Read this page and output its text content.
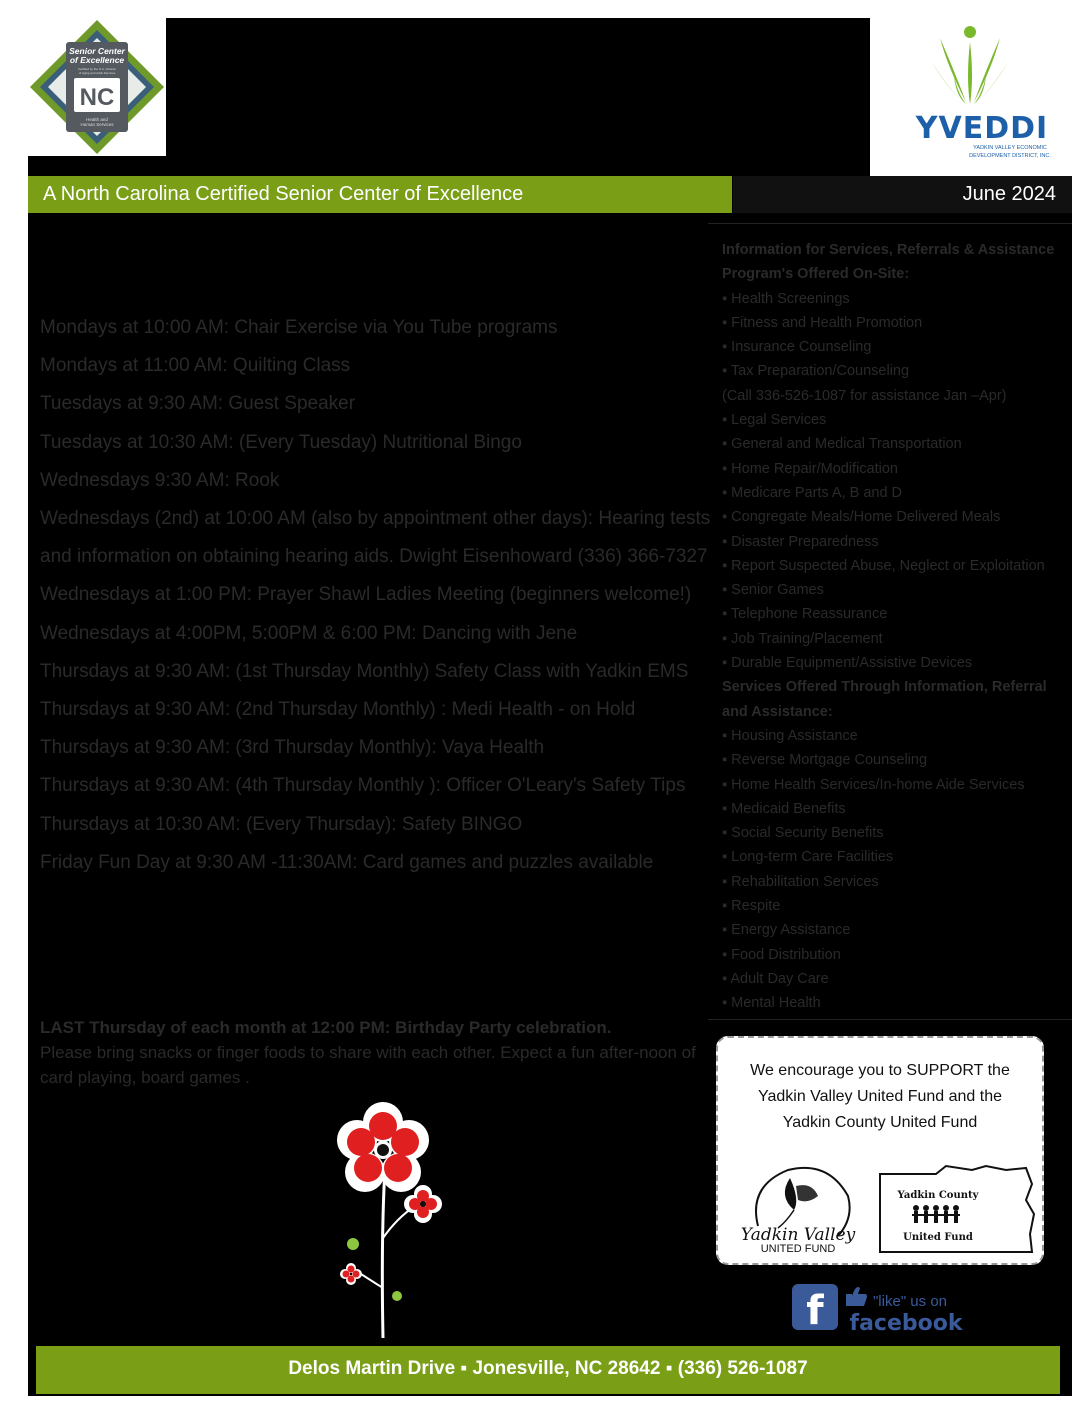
Senior Center
of Excellence
Certified by the N.C. Division
of Aging and Adult Services
NC
Health and
Human Services	YVEDDI
YADKIN VALLEY ECONOMIC
DEVELOPMENT DISTRICT, INC.
A North Carolina Certified Senior Center of Excellence	June 2024
Mondays at 10:00 AM: Chair Exercise via You Tube programs
Mondays at 11:00 AM: Quilting Class
Tuesdays at 9:30 AM: Guest Speaker
Tuesdays at 10:30 AM: (Every Tuesday) Nutritional Bingo
Wednesdays 9:30 AM: Rook
Wednesdays (2nd) at 10:00 AM (also by appointment other days): Hearing tests
and information on obtaining hearing aids. Dwight Eisenhoward (336) 366-7327
Wednesdays at 1:00 PM: Prayer Shawl Ladies Meeting (beginners welcome!)
Wednesdays at 4:00PM, 5:00PM & 6:00 PM: Dancing with Jene
Thursdays at 9:30 AM: (1st Thursday Monthly) Safety Class with Yadkin EMS
Thursdays at 9:30 AM: (2nd Thursday Monthly) : Medi Health - on Hold
Thursdays at 9:30 AM: (3rd Thursday Monthly): Vaya Health
Thursdays at 9:30 AM: (4th Thursday Monthly ): Officer O'Leary's Safety Tips
Thursdays at 10:30 AM: (Every Thursday): Safety BINGO
Friday Fun Day at 9:30 AM -11:30AM: Card games and puzzles available
LAST Thursday of each month at 12:00 PM: Birthday Party celebration.
Please bring snacks or finger foods to share with each other. Expect a fun after-noon of card playing, board games .
Information for Services, Referrals & Assistance
Program's Offered On-Site:
▪ Health Screenings
▪ Fitness and Health Promotion
▪ Insurance Counseling
▪ Tax Preparation/Counseling
(Call 336-526-1087 for assistance Jan –Apr)
▪ Legal Services
▪ General and Medical Transportation
▪ Home Repair/Modification
▪ Medicare Parts A, B and D
▪ Congregate Meals/Home Delivered Meals
▪ Disaster Preparedness
▪ Report Suspected Abuse, Neglect or Exploitation
▪ Senior Games
▪ Telephone Reassurance
▪ Job Training/Placement
▪ Durable Equipment/Assistive Devices
Services Offered Through Information, Referral
and Assistance:
▪ Housing Assistance
▪ Reverse Mortgage Counseling
▪ Home Health Services/In-home Aide Services
▪ Medicaid Benefits
▪ Social Security Benefits
▪ Long-term Care Facilities
▪ Rehabilitation Services
▪ Respite
▪ Energy Assistance
▪ Food Distribution
▪ Adult Day Care
▪ Mental Health
We encourage you to SUPPORT the
Yadkin Valley United Fund and the
Yadkin County United Fund
Yadkin Valley
UNITED FUND
Yadkin County
United Fund
f	"like" us on
facebook
Delos Martin Drive ▪ Jonesville, NC 28642 ▪ (336) 526-1087
